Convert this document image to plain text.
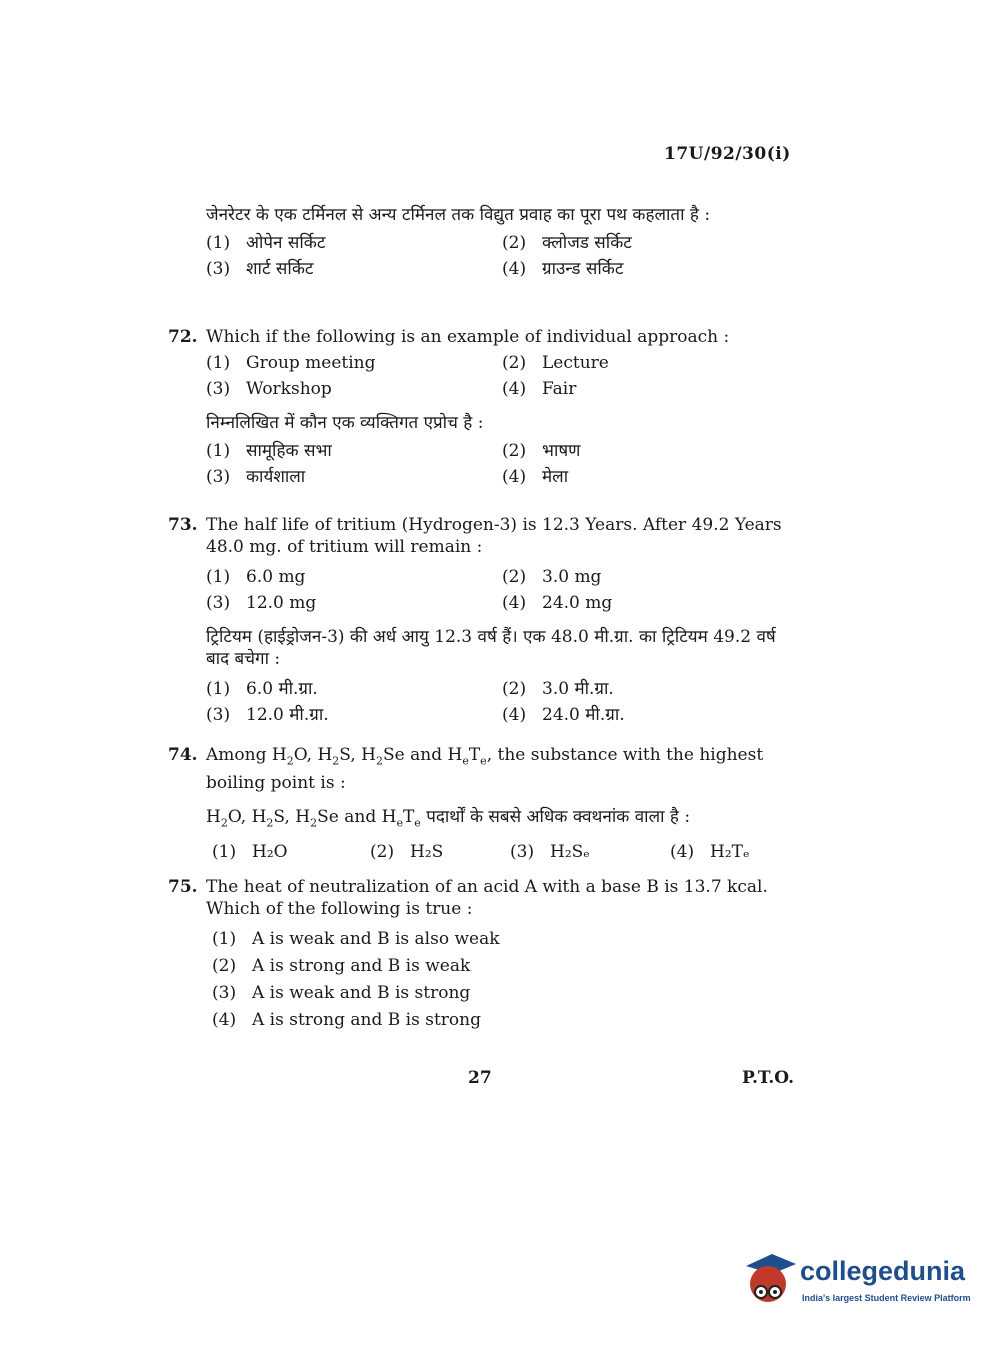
17U/92/30(i)
जेनरेटर के एक टर्मिनल से अन्य टर्मिनल तक विद्युत प्रवाह का पूरा पथ कहलाता है :
(1) ओपेन सर्किट	(2) क्लोजड सर्किट
(3) शार्ट सर्किट	(4) ग्राउन्ड सर्किट
72. Which if the following is an example of individual approach :
(1) Group meeting	(2) Lecture
(3) Workshop	(4) Fair
निम्नलिखित में कौन एक व्यक्तिगत एप्रोच है :
(1) सामूहिक सभा	(2) भाषण
(3) कार्यशाला	(4) मेला
73. The half life of tritium (Hydrogen-3) is 12.3 Years. After 49.2 Years 48.0 mg. of tritium will remain :
(1) 6.0 mg	(2) 3.0 mg
(3) 12.0 mg	(4) 24.0 mg
ट्रिटियम (हाईड्रोजन-3) की अर्ध आयु 12.3 वर्ष हैं। एक 48.0 मी.ग्रा. का ट्रिटियम 49.2 वर्ष बाद बचेगा :
(1) 6.0 मी.ग्रा.	(2) 3.0 मी.ग्रा.
(3) 12.0 मी.ग्रा.	(4) 24.0 मी.ग्रा.
74. Among $H_2O$, $H_2S$, $H_2Se$ and $H_eT_e$, the substance with the highest boiling point is :
$H_2O$, $H_2S$, $H_2Se$ and $H_eT_e$ पदार्थों के सबसे अधिक क्वथनांक वाला है :
(1) H₂O	(2) H₂S	(3) H₂Sₑ	(4) H₂Tₑ
75. The heat of neutralization of an acid A with a base B is 13.7 kcal. Which of the following is true :
(1) A is weak and B is also weak
(2) A is strong and B is weak
(3) A is weak and B is strong
(4) A is strong and B is strong
27	P.T.O.
collegedunia
India's largest Student Review Platform
